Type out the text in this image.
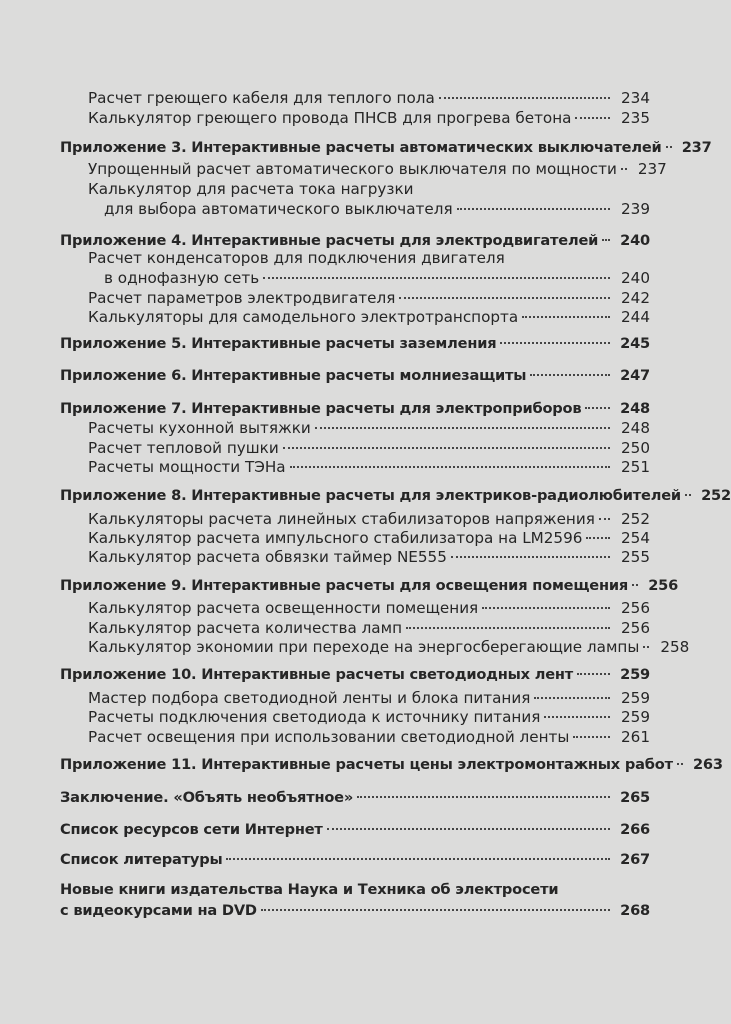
Расчет греющего кабеля для теплого пола	234
Калькулятор греющего провода ПНСВ для прогрева бетона	235
Приложение 3. Интерактивные расчеты автоматических выключателей 237
Упрощенный расчет автоматического выключателя по мощности	237
Калькулятор для расчета тока нагрузки
для выбора автоматического выключателя	239
Приложение 4. Интерактивные расчеты для электродвигателей 240
Расчет конденсаторов для подключения двигателя
в однофазную сеть	240
Расчет параметров электродвигателя	242
Калькуляторы для самодельного электротранспорта	244
Приложение 5. Интерактивные расчеты заземления	245
Приложение 6. Интерактивные расчеты молниезащиты	247
Приложение 7. Интерактивные расчеты для электроприборов	248
Расчеты кухонной вытяжки	248
Расчет тепловой пушки	250
Расчеты мощности ТЭНа	251
Приложение 8. Интерактивные расчеты для электриков-радиолюбителей 252
Калькуляторы расчета линейных стабилизаторов напряжения	252
Калькулятор расчета импульсного стабилизатора на LM2596	254
Калькулятор расчета обвязки таймер NE555	255
Приложение 9. Интерактивные расчеты для освещения помещения 256
Калькулятор расчета освещенности помещения	256
Калькулятор расчета количества ламп	256
Калькулятор экономии при переходе на энергосберегающие лампы	258
Приложение 10. Интерактивные расчеты светодиодных лент	259
Мастер подбора светодиодной ленты и блока питания	259
Расчеты подключения светодиода к источнику питания	259
Расчет освещения при использовании светодиодной ленты	261
Приложение 11. Интерактивные расчеты цены электромонтажных работ 263
Заключение. «Объять необъятное»	265
Список ресурсов сети Интернет	266
Список литературы	267
Новые книги издательства Наука и Техника об электросети
с видеокурсами на DVD	268
